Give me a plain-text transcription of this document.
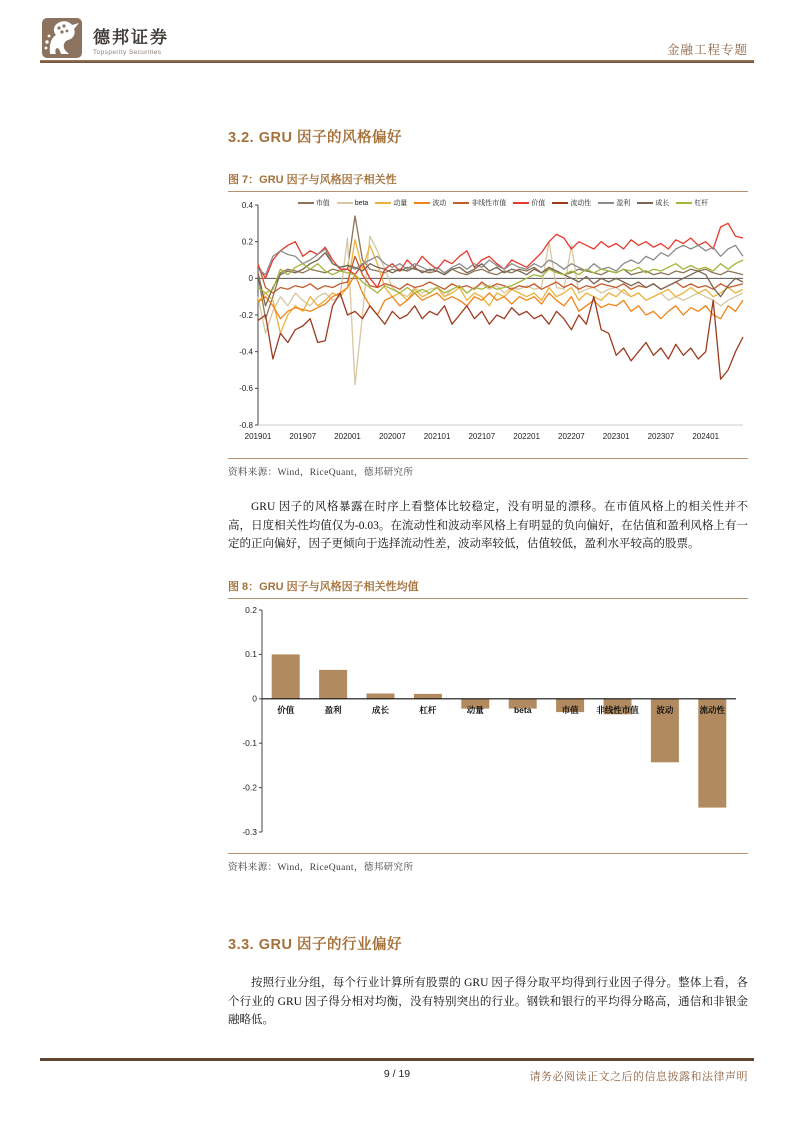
德邦证券
Topsperity Securities	金融工程专题
3.2. GRU 因子的风格偏好
图 7：GRU 因子与风格因子相关性
市值	beta	动量	波动	非线性市值	价值	流动性	盈利	成长	杠杆
0.4
0.2
0
-0.2
-0.4
-0.6
-0.8
201901 201907 202001 202007 202101 202107 202201 202207 202301 202307 202401
资料来源：Wind，RiceQuant，德邦研究所

GRU 因子的风格暴露在时序上看整体比较稳定，没有明显的漂移。在市值风格上的相关性并不高，日度相关性均值仅为-0.03。在流动性和波动率风格上有明显的负向偏好，在估值和盈利风格上有一定的正向偏好，因子更倾向于选择流动性差，波动率较低，估值较低，盈利水平较高的股票。

图 8：GRU 因子与风格因子相关性均值
0.2
0.1
0
-0.1
-0.2
-0.3
价值	盈利	成长	杠杆	动量	beta	市值 非线性市值 波动	流动性
资料来源：Wind，RiceQuant，德邦研究所
3.3. GRU 因子的行业偏好

按照行业分组，每个行业计算所有股票的 GRU 因子得分取平均得到行业因子得分。整体上看，各个行业的 GRU 因子得分相对均衡，没有特别突出的行业。钢铁和银行的平均得分略高，通信和非银金融略低。

9 / 19	请务必阅读正文之后的信息披露和法律声明
